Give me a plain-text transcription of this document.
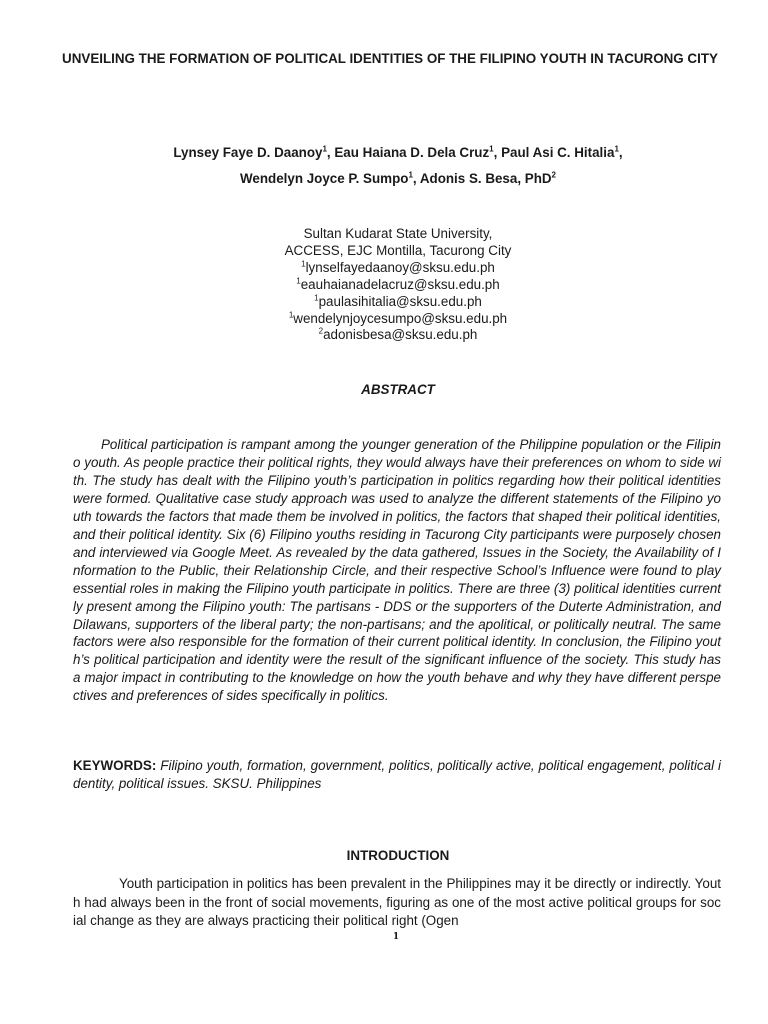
UNVEILING THE FORMATION OF POLITICAL IDENTITIES OF THE FILIPINO YOUTH IN TACURONG CITY
Lynsey Faye D. Daanoy$^1$, Eau Haiana D. Dela Cruz$^1$, Paul Asi C. Hitalia$^1$,
Wendelyn Joyce P. Sumpo$^1$, Adonis S. Besa, PhD$^2$
Sultan Kudarat State University,
ACCESS, EJC Montilla, Tacurong City
$^1$lynselfayedaanoy@sksu.edu.ph
$^1$eauhaianadelacruz@sksu.edu.ph
$^1$paulasihitalia@sksu.edu.ph
$^1$wendelynjoycesumpo@sksu.edu.ph
$^2$adonisbesa@sksu.edu.ph
ABSTRACT
Political participation is rampant among the younger generation of the Philippine population or the Filipino youth. As people practice their political rights, they would always have their preferences on whom to side with. The study has dealt with the Filipino youth’s participation in politics regarding how their political identities were formed. Qualitative case study approach was used to analyze the different statements of the Filipino youth towards the factors that made them be involved in politics, the factors that shaped their political identities, and their political identity. Six (6) Filipino youths residing in Tacurong City participants were purposely chosen and interviewed via Google Meet. As revealed by the data gathered, Issues in the Society, the Availability of Information to the Public, their Relationship Circle, and their respective School’s Influence were found to play essential roles in making the Filipino youth participate in politics. There are three (3) political identities currently present among the Filipino youth: The partisans - DDS or the supporters of the Duterte Administration, and Dilawans, supporters of the liberal party; the non-partisans; and the apolitical, or politically neutral. The same factors were also responsible for the formation of their current political identity. In conclusion, the Filipino youth’s political participation and identity were the result of the significant influence of the society. This study has a major impact in contributing to the knowledge on how the youth behave and why they have different perspectives and preferences of sides specifically in politics.
KEYWORDS: Filipino youth, formation, government, politics, politically active, political engagement, political identity, political issues. SKSU. Philippines
INTRODUCTION
Youth participation in politics has been prevalent in the Philippines may it be directly or indirectly. Youth had always been in the front of social movements, figuring as one of the most active political groups for social change as they are always practicing their political right (Ogen
1
